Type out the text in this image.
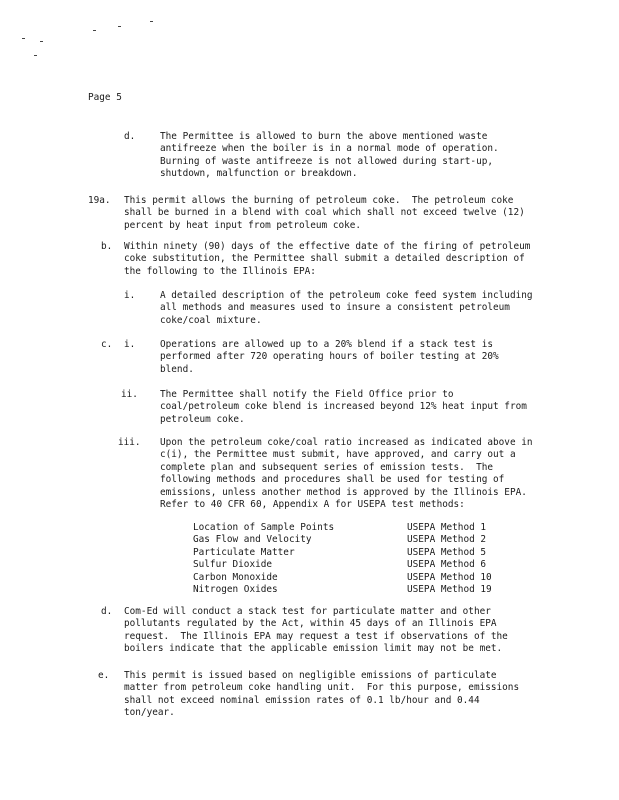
Page 5
d.	The Permittee is allowed to burn the above mentioned waste
antifreeze when the boiler is in a normal mode of operation.
Burning of waste antifreeze is not allowed during start-up,
shutdown, malfunction or breakdown.
19a. This permit allows the burning of petroleum coke.  The petroleum coke
shall be burned in a blend with coal which shall not exceed twelve (12)
percent by heat input from petroleum coke.
b. Within ninety (90) days of the effective date of the firing of petroleum
coke substitution, the Permittee shall submit a detailed description of
the following to the Illinois EPA:
i.	A detailed description of the petroleum coke feed system including
all methods and measures used to insure a consistent petroleum
coke/coal mixture.
c. i.	Operations are allowed up to a 20% blend if a stack test is
performed after 720 operating hours of boiler testing at 20%
blend.
ii. The Permittee shall notify the Field Office prior to
coal/petroleum coke blend is increased beyond 12% heat input from
petroleum coke.
iii. Upon the petroleum coke/coal ratio increased as indicated above in
c(i), the Permittee must submit, have approved, and carry out a
complete plan and subsequent series of emission tests.  The
following methods and procedures shall be used for testing of
emissions, unless another method is approved by the Illinois EPA.
Refer to 40 CFR 60, Appendix A for USEPA test methods:
Location of Sample Points	USEPA Method 1
Gas Flow and Velocity	USEPA Method 2
Particulate Matter	USEPA Method 5
Sulfur Dioxide	USEPA Method 6
Carbon Monoxide	USEPA Method 10
Nitrogen Oxides	USEPA Method 19
d. Com-Ed will conduct a stack test for particulate matter and other
pollutants regulated by the Act, within 45 days of an Illinois EPA
request.  The Illinois EPA may request a test if observations of the
boilers indicate that the applicable emission limit may not be met.
e. This permit is issued based on negligible emissions of particulate
matter from petroleum coke handling unit.  For this purpose, emissions
shall not exceed nominal emission rates of 0.1 lb/hour and 0.44
ton/year.
